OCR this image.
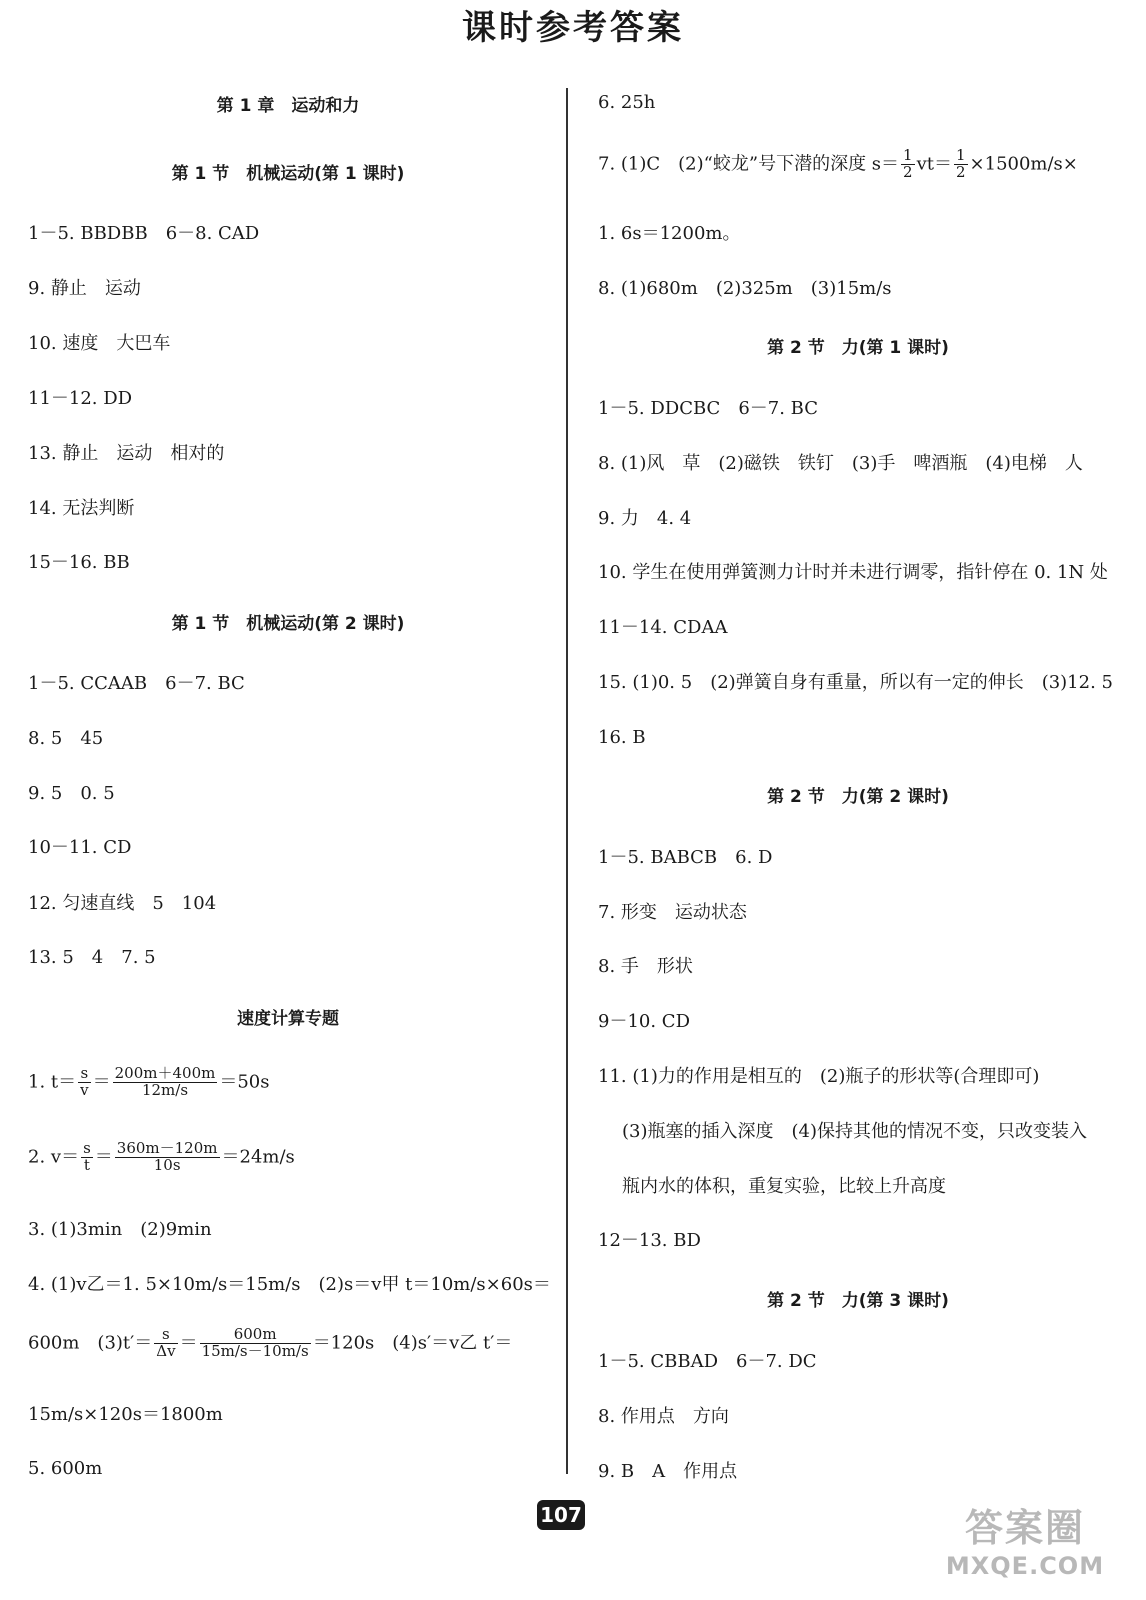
课时参考答案
第 1 章　运动和力
第 1 节　机械运动(第 1 课时)
1－5. BBDBB　6－8. CAD
9. 静止　运动
10. 速度　大巴车
11－12. DD
13. 静止　运动　相对的
14. 无法判断
15－16. BB
第 1 节　机械运动(第 2 课时)
1－5. CCAAB　6－7. BC
8. 5　45
9. 5　0. 5
10－11. CD
12. 匀速直线　5　104
13. 5　4　7. 5
速度计算专题
1. $t= \frac{s}{v} = \frac{200m+400m}{12m/s} =50s$
2. $v= \frac{s}{t} = \frac{360m-120m}{10s} =24m/s$
3. (1)3min　(2)9min
4. (1)v乙＝1. 5×10m/s＝15m/s　(2)s＝v甲 t＝10m/s×60s＝
600m　$(3)t'= \frac{s}{\Delta v} = \frac{600m}{15m/s-10m/s} =120s$　(4)s′＝v乙 t′＝
15m/s×120s＝1800m
5. 600m
6. 25h
7. (1)C　(2)“蛟龙”号下潜的深度 $s= \frac{1}{2} vt= \frac{1}{2} \times 1500m/s\times$
1. 6s＝1200m。
8. (1)680m　(2)325m　(3)15m/s
第 2 节　力(第 1 课时)
1－5. DDCBC　6－7. BC
8. (1)风　草　(2)磁铁　铁钉　(3)手　啤酒瓶　(4)电梯　人
9. 力　4. 4
10. 学生在使用弹簧测力计时并未进行调零，指针停在 0. 1N 处
11－14. CDAA
15. (1)0. 5　(2)弹簧自身有重量，所以有一定的伸长　(3)12. 5
16. B
第 2 节　力(第 2 课时)
1－5. BABCB　6. D
7. 形变　运动状态
8. 手　形状
9－10. CD
11. (1)力的作用是相互的　(2)瓶子的形状等(合理即可)
(3)瓶塞的插入深度　(4)保持其他的情况不变，只改变装入
瓶内水的体积，重复实验，比较上升高度
12－13. BD
第 2 节　力(第 3 课时)
1－5. CBBAD　6－7. DC
8. 作用点　方向
9. B　A　作用点
107	答案圈
MXQE.COM
